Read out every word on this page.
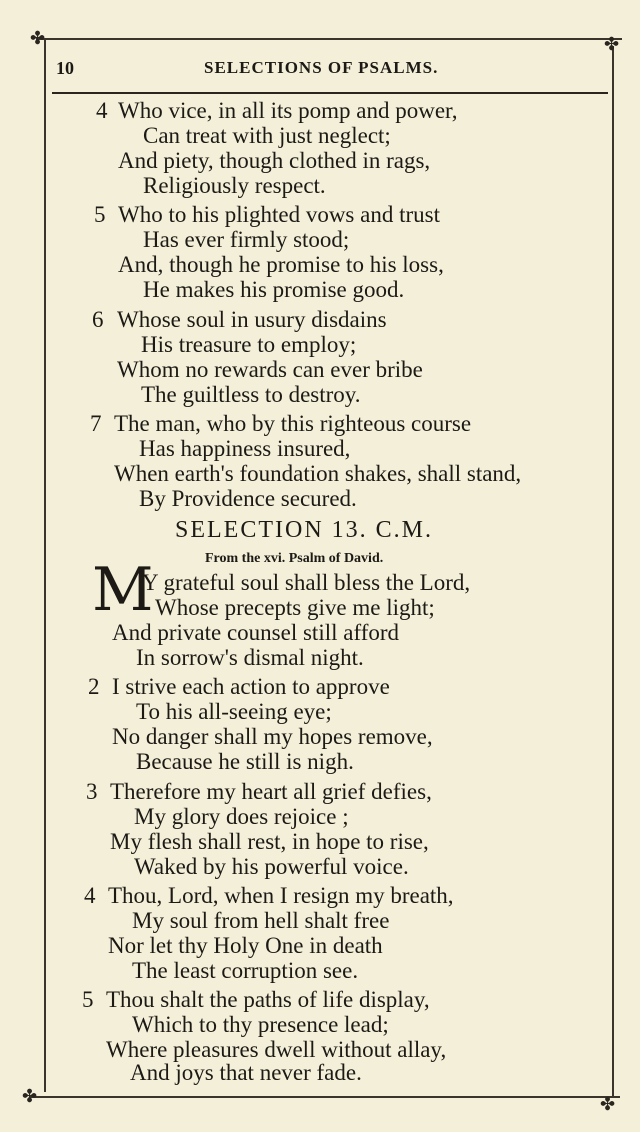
✤	✤
✤	✤
10	SELECTIONS OF PSALMS.
4 Who vice, in all its pomp and power,
Can treat with just neglect;
And piety, though clothed in rags,
Religiously respect.
5 Who to his plighted vows and trust
Has ever firmly stood;
And, though he promise to his loss,
He makes his promise good.
6 Whose soul in usury disdains
His treasure to employ;
Whom no rewards can ever bribe
The guiltless to destroy.
7 The man, who by this righteous course
Has happiness insured,
When earth's foundation shakes, shall stand,
By Providence secured.
SELECTION 13. C.M.
From the xvi. Psalm of David.
M
Y grateful soul shall bless the Lord,
Whose precepts give me light;
And private counsel still afford
In sorrow's dismal night.
2 I strive each action to approve
To his all-seeing eye;
No danger shall my hopes remove,
Because he still is nigh.
3 Therefore my heart all grief defies,
My glory does rejoice ;
My flesh shall rest, in hope to rise,
Waked by his powerful voice.
4 Thou, Lord, when I resign my breath,
My soul from hell shalt free
Nor let thy Holy One in death
The least corruption see.
5 Thou shalt the paths of life display,
Which to thy presence lead;
Where pleasures dwell without allay,
And joys that never fade.
